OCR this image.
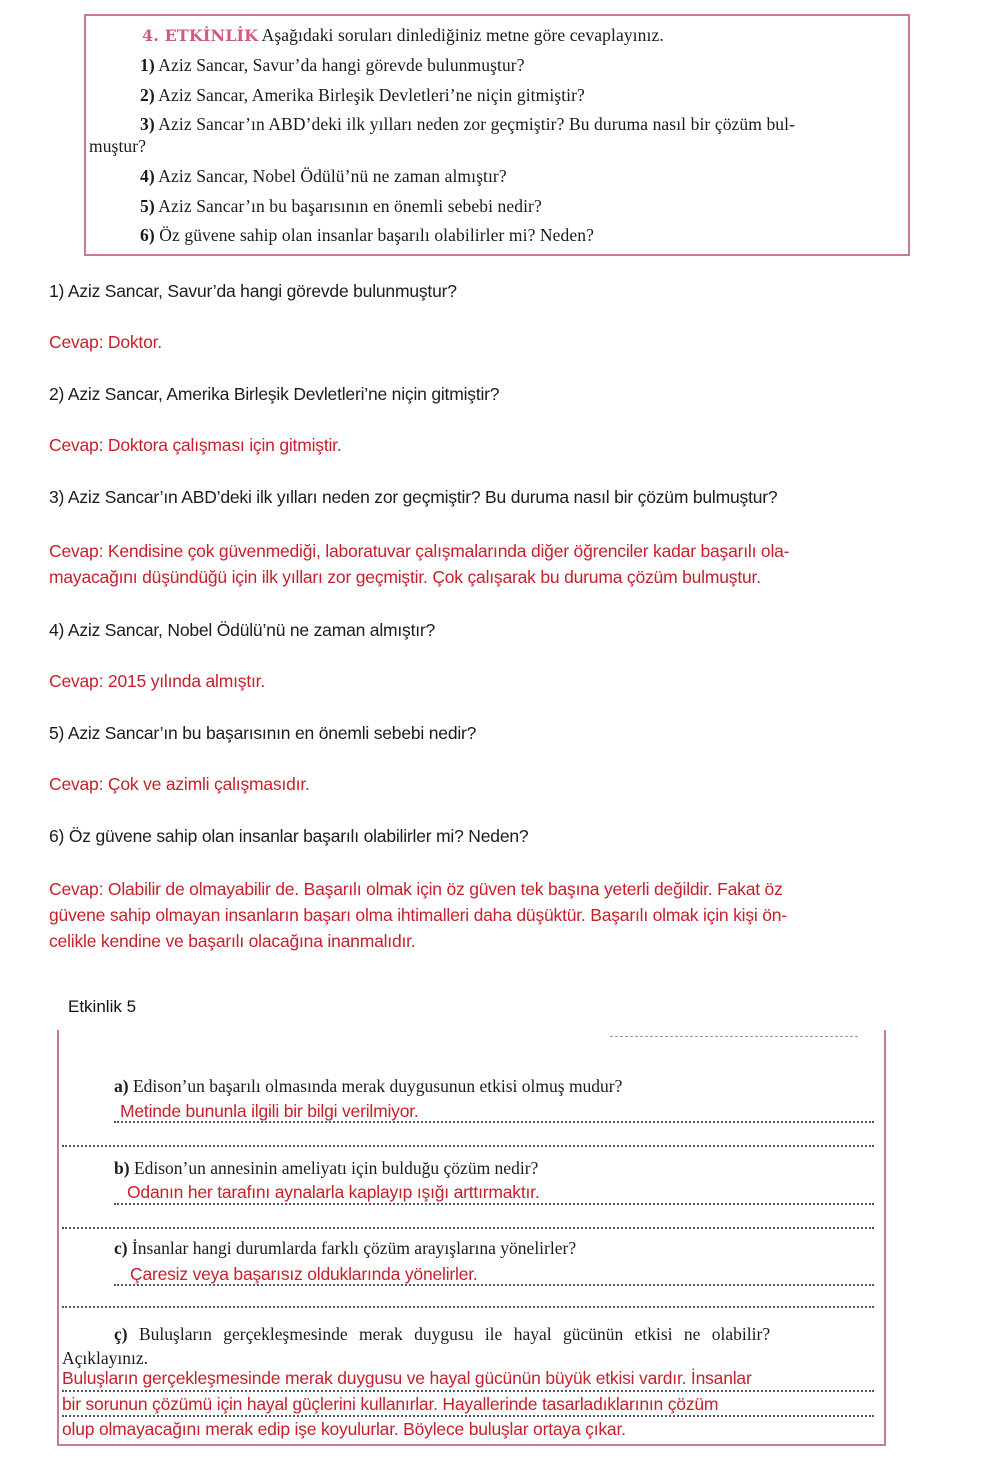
4. ETKİNLİK Aşağıdaki soruları dinlediğiniz metne göre cevaplayınız.
1) Aziz Sancar, Savur’da hangi görevde bulunmuştur?
2) Aziz Sancar, Amerika Birleşik Devletleri’ne niçin gitmiştir?
3) Aziz Sancar’ın ABD’deki ilk yılları neden zor geçmiştir? Bu duruma nasıl bir çözüm bul-
muştur?
4) Aziz Sancar, Nobel Ödülü’nü ne zaman almıştır?
5) Aziz Sancar’ın bu başarısının en önemli sebebi nedir?
6) Öz güvene sahip olan insanlar başarılı olabilirler mi? Neden?
1) Aziz Sancar, Savur’da hangi görevde bulunmuştur?
Cevap: Doktor.
2) Aziz Sancar, Amerika Birleşik Devletleri’ne niçin gitmiştir?
Cevap: Doktora çalışması için gitmiştir.
3) Aziz Sancar’ın ABD’deki ilk yılları neden zor geçmiştir? Bu duruma nasıl bir çözüm bulmuştur?
Cevap: Kendisine çok güvenmediği, laboratuvar çalışmalarında diğer öğrenciler kadar başarılı ola-
mayacağını düşündüğü için ilk yılları zor geçmiştir. Çok çalışarak bu duruma çözüm bulmuştur.
4) Aziz Sancar, Nobel Ödülü’nü ne zaman almıştır?
Cevap: 2015 yılında almıştır.
5) Aziz Sancar’ın bu başarısının en önemli sebebi nedir?
Cevap: Çok ve azimli çalışmasıdır.
6) Öz güvene sahip olan insanlar başarılı olabilirler mi? Neden?
Cevap: Olabilir de olmayabilir de. Başarılı olmak için öz güven tek başına yeterli değildir. Fakat öz
güvene sahip olmayan insanların başarı olma ihtimalleri daha düşüktür. Başarılı olmak için kişi ön-
celikle kendine ve başarılı olacağına inanmalıdır.
Etkinlik 5
a) Edison’un başarılı olmasında merak duygusunun etkisi olmuş mudur?
Metinde bununla ilgili bir bilgi verilmiyor.
b) Edison’un annesinin ameliyatı için bulduğu çözüm nedir?
Odanın her tarafını aynalarla kaplayıp ışığı arttırmaktır.
c) İnsanlar hangi durumlarda farklı çözüm arayışlarına yönelirler?
Çaresiz veya başarısız olduklarında yönelirler.
ç) Buluşların gerçekleşmesinde merak duygusu ile hayal gücünün etkisi ne olabilir?
Açıklayınız.
Buluşların gerçekleşmesinde merak duygusu ve hayal gücünün büyük etkisi vardır. İnsanlar
bir sorunun çözümü için hayal güçlerini kullanırlar. Hayallerinde tasarladıklarının çözüm
olup olmayacağını merak edip işe koyulurlar. Böylece buluşlar ortaya çıkar.
